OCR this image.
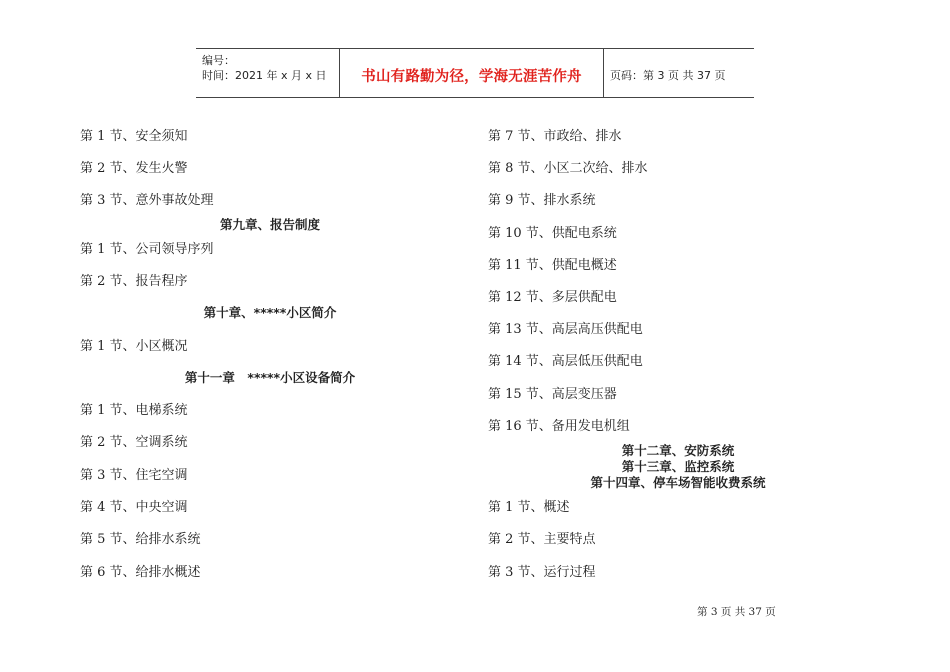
编号：
时间：2021 年 x 月 x 日	书山有路勤为径，学海无涯苦作舟	页码：第 3 页 共 37 页
第 1 节、安全须知
第 2 节、发生火警
第 3 节、意外事故处理
第九章、报告制度
第 1 节、公司领导序列
第 2 节、报告程序
第十章、*****小区简介
第 1 节、小区概况
第十一章　*****小区设备简介
第 1 节、电梯系统
第 2 节、空调系统
第 3 节、住宅空调
第 4 节、中央空调
第 5 节、给排水系统
第 6 节、给排水概述
第 7 节、市政给、排水
第 8 节、小区二次给、排水
第 9 节、排水系统
第 10 节、供配电系统
第 11 节、供配电概述
第 12 节、多层供配电
第 13 节、高层高压供配电
第 14 节、高层低压供配电
第 15 节、高层变压器
第 16 节、备用发电机组
第十二章、安防系统
第十三章、监控系统
第十四章、停车场智能收费系统
第 1 节、概述
第 2 节、主要特点
第 3 节、运行过程
第 3 页 共 37 页
